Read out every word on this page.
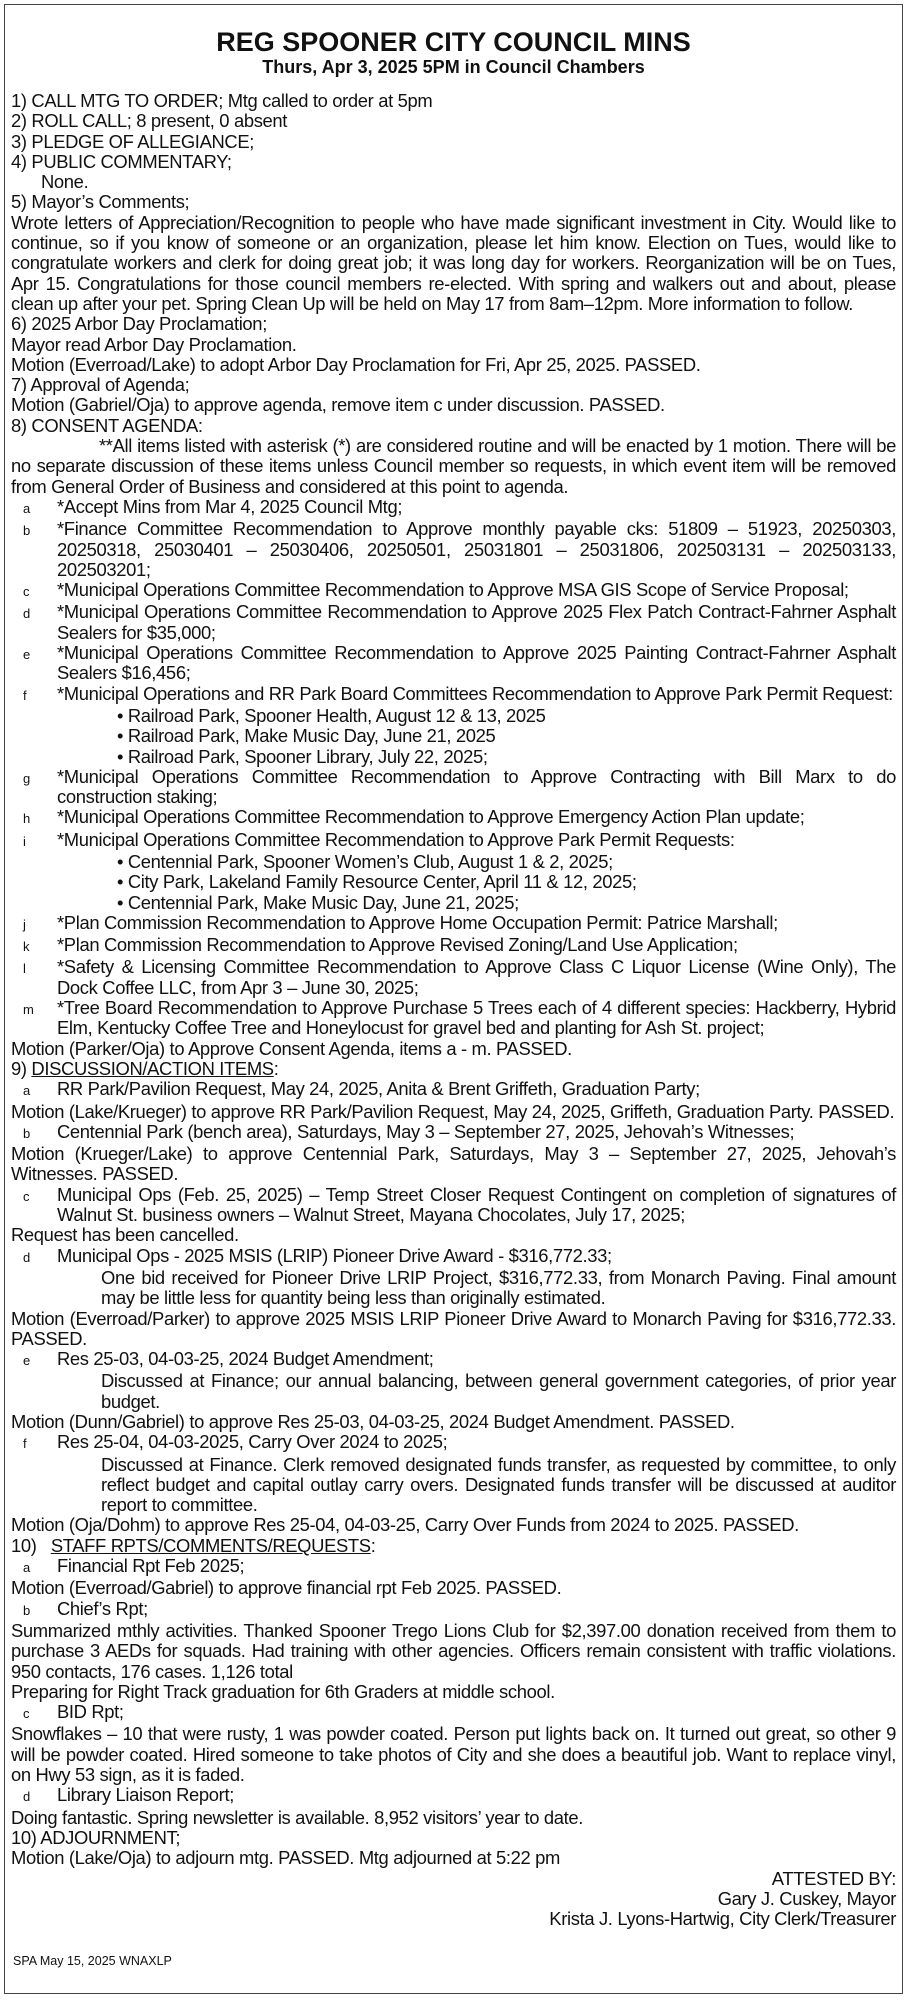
REG SPOONER CITY COUNCIL MINS
Thurs, Apr 3, 2025 5PM in Council Chambers
1) CALL MTG TO ORDER; Mtg called to order at 5pm
2) ROLL CALL; 8 present, 0 absent
3) PLEDGE OF ALLEGIANCE;
4) PUBLIC COMMENTARY;
None.
5) Mayor’s Comments;
Wrote letters of Appreciation/Recognition to people who have made significant investment in City. Would like to continue, so if you know of someone or an organization, please let him know. Election on Tues, would like to congratulate workers and clerk for doing great job; it was long day for workers. Reorganization will be on Tues, Apr 15. Congratulations for those council members re-elected. With spring and walkers out and about, please clean up after your pet. Spring Clean Up will be held on May 17 from 8am–12pm. More information to follow.
6) 2025 Arbor Day Proclamation;
Mayor read Arbor Day Proclamation.
Motion (Everroad/Lake) to adopt Arbor Day Proclamation for Fri, Apr 25, 2025. PASSED.
7) Approval of Agenda;
Motion (Gabriel/Oja) to approve agenda, remove item c under discussion. PASSED.
8) CONSENT AGENDA:
**All items listed with asterisk (*) are considered routine and will be enacted by 1 motion. There will be no separate discussion of these items unless Council member so requests, in which event item will be removed from General Order of Business and considered at this point to agenda.
a	*Accept Mins from Mar 4, 2025 Council Mtg;
b	*Finance Committee Recommendation to Approve monthly payable cks: 51809 – 51923, 20250303, 20250318, 25030401 – 25030406, 20250501, 25031801 – 25031806, 202503131 – 202503133, 202503201;
c	*Municipal Operations Committee Recommendation to Approve MSA GIS Scope of Service Proposal;
d	*Municipal Operations Committee Recommendation to Approve 2025 Flex Patch Contract-Fahrner Asphalt Sealers for $35,000;
e	*Municipal Operations Committee Recommendation to Approve 2025 Painting Contract-Fahrner Asphalt Sealers $16,456;
f	*Municipal Operations and RR Park Board Committees Recommendation to Approve Park Permit Request:
• Railroad Park, Spooner Health, August 12 & 13, 2025
• Railroad Park, Make Music Day, June 21, 2025
• Railroad Park, Spooner Library, July 22, 2025;
g	*Municipal Operations Committee Recommendation to Approve Contracting with Bill Marx to do construction staking;
h	*Municipal Operations Committee Recommendation to Approve Emergency Action Plan update;
i	*Municipal Operations Committee Recommendation to Approve Park Permit Requests:
• Centennial Park, Spooner Women’s Club, August 1 & 2, 2025;
• City Park, Lakeland Family Resource Center, April 11 & 12, 2025;
• Centennial Park, Make Music Day, June 21, 2025;
j	*Plan Commission Recommendation to Approve Home Occupation Permit: Patrice Marshall;
k	*Plan Commission Recommendation to Approve Revised Zoning/Land Use Application;
l	*Safety & Licensing Committee Recommendation to Approve Class C Liquor License (Wine Only), The Dock Coffee LLC, from Apr 3 – June 30, 2025;
m	*Tree Board Recommendation to Approve Purchase 5 Trees each of 4 different species: Hackberry, Hybrid Elm, Kentucky Coffee Tree and Honeylocust for gravel bed and planting for Ash St. project;
Motion (Parker/Oja) to Approve Consent Agenda, items a - m. PASSED.
9) DISCUSSION/ACTION ITEMS:
a	RR Park/Pavilion Request, May 24, 2025, Anita & Brent Griffeth, Graduation Party;
Motion (Lake/Krueger) to approve RR Park/Pavilion Request, May 24, 2025, Griffeth, Graduation Party. PASSED.
b	Centennial Park (bench area), Saturdays, May 3 – September 27, 2025, Jehovah’s Witnesses;
Motion (Krueger/Lake) to approve Centennial Park, Saturdays, May 3 – September 27, 2025, Jehovah’s Witnesses. PASSED.
c	Municipal Ops (Feb. 25, 2025) – Temp Street Closer Request Contingent on completion of signatures of Walnut St. business owners – Walnut Street, Mayana Chocolates, July 17, 2025;
Request has been cancelled.
d	Municipal Ops - 2025 MSIS (LRIP) Pioneer Drive Award - $316,772.33;
One bid received for Pioneer Drive LRIP Project, $316,772.33, from Monarch Paving. Final amount may be little less for quantity being less than originally estimated.
Motion (Everroad/Parker) to approve 2025 MSIS LRIP Pioneer Drive Award to Monarch Paving for $316,772.33. PASSED.
e	Res 25-03, 04-03-25, 2024 Budget Amendment;
Discussed at Finance; our annual balancing, between general government categories, of prior year budget.
Motion (Dunn/Gabriel) to approve Res 25-03, 04-03-25, 2024 Budget Amendment. PASSED.
f	Res 25-04, 04-03-2025, Carry Over 2024 to 2025;
Discussed at Finance. Clerk removed designated funds transfer, as requested by committee, to only reflect budget and capital outlay carry overs. Designated funds transfer will be discussed at auditor report to committee.
Motion (Oja/Dohm) to approve Res 25-04, 04-03-25, Carry Over Funds from 2024 to 2025. PASSED.
10)   STAFF RPTS/COMMENTS/REQUESTS:
a	Financial Rpt Feb 2025;
Motion (Everroad/Gabriel) to approve financial rpt Feb 2025. PASSED.
b	Chief’s Rpt;
Summarized mthly activities. Thanked Spooner Trego Lions Club for $2,397.00 donation received from them to purchase 3 AEDs for squads. Had training with other agencies. Officers remain consistent with traffic violations. 950 contacts, 176 cases. 1,126 total
Preparing for Right Track graduation for 6th Graders at middle school.
c	BID Rpt;
Snowflakes – 10 that were rusty, 1 was powder coated. Person put lights back on. It turned out great, so other 9 will be powder coated. Hired someone to take photos of City and she does a beautiful job. Want to replace vinyl, on Hwy 53 sign, as it is faded.
d	Library Liaison Report;
Doing fantastic. Spring newsletter is available. 8,952 visitors’ year to date.
10) ADJOURNMENT;
Motion (Lake/Oja) to adjourn mtg. PASSED. Mtg adjourned at 5:22 pm
ATTESTED BY:
Gary J. Cuskey, Mayor
Krista J. Lyons-Hartwig, City Clerk/Treasurer
SPA May 15, 2025 WNAXLP
